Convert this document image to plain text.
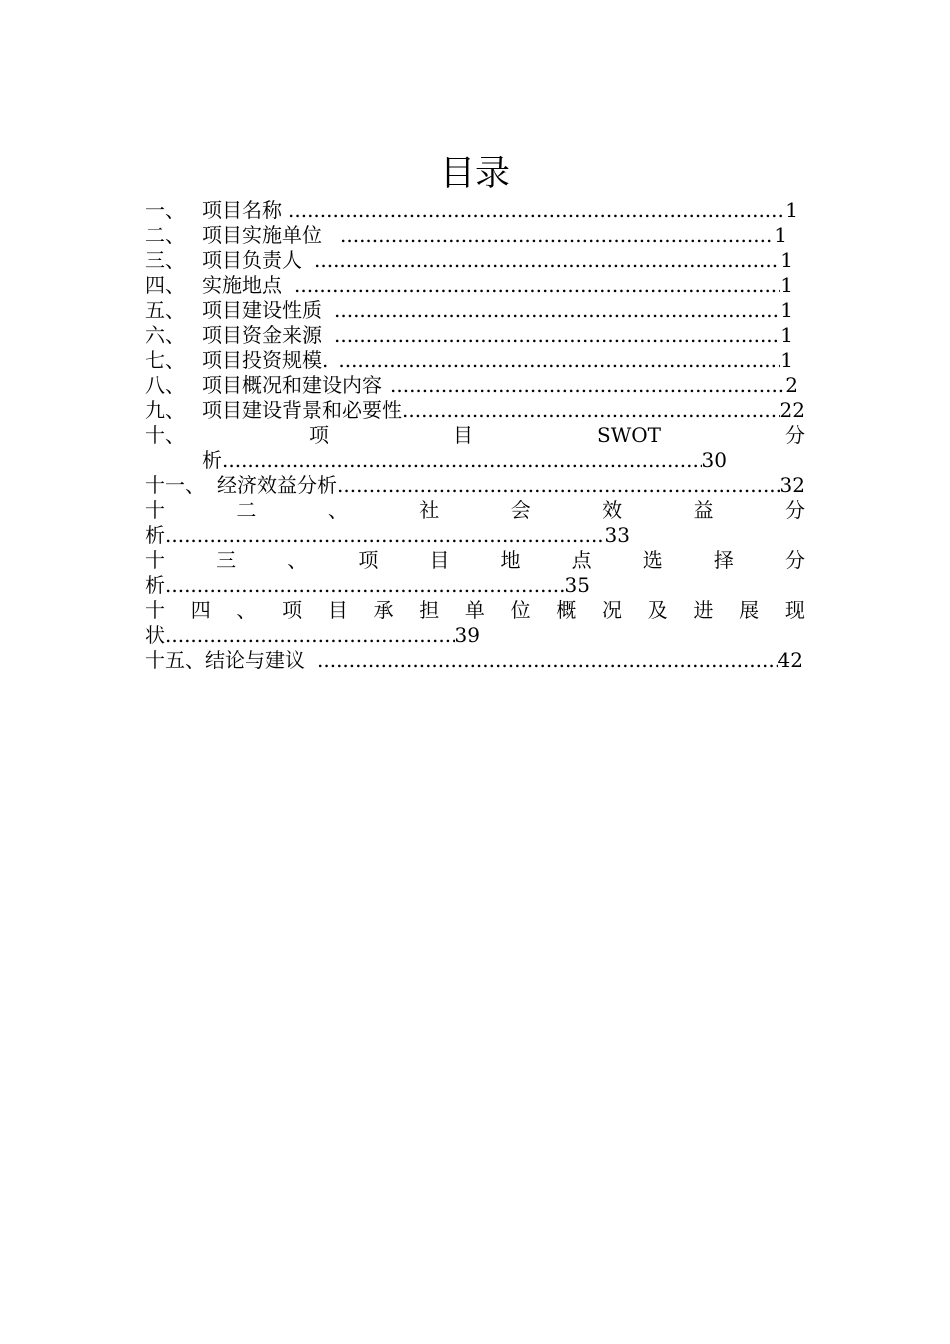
目录
一、 项目名称 .....	1
二、 项目实施单位 .....	1
三、 项目负责人 .....	1
四、 实施地点 .....	1
五、 项目建设性质 .....	1
六、 项目资金来源 .....	1
七、 项目投资规模. .....	1
八、 项目概况和建设内容 .....	2
九、 项目建设背景和必要性 .....	22
十、	项	目	SWOT	分
析 .....	30
十一、 经济效益分析 .....	32
十	二	、	社	会	效	益	分
析 .....	33
十	三	、	项	目	地	点	选	择	分
析 .....	35
十 四 、 项 目 承 担 单 位 概 况 及 进 展 现
状 .....	39
十五、结论与建议 .....	42
